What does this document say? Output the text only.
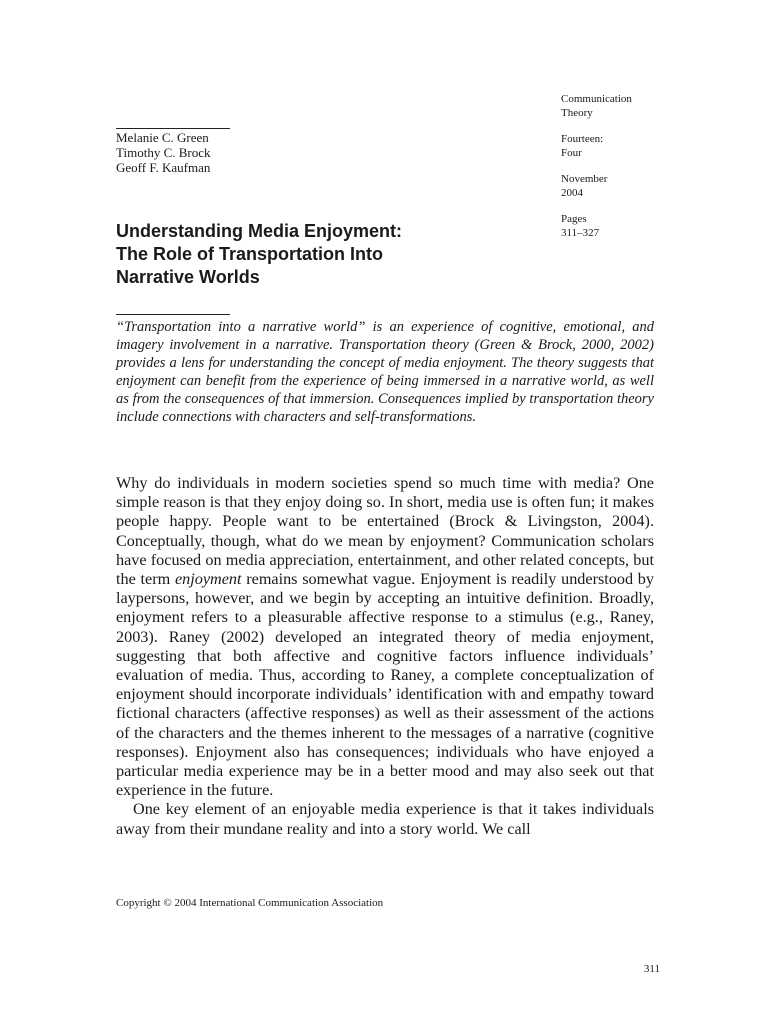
Communication
Theory
Fourteen:
Four
November
2004
Pages
311–327
Melanie C. Green
Timothy C. Brock
Geoff F. Kaufman
Understanding Media Enjoyment:
The Role of Transportation Into
Narrative Worlds
“Transportation into a narrative world” is an experience of cognitive, emotional, and imagery involvement in a narrative. Transportation theory (Green & Brock, 2000, 2002) provides a lens for understanding the concept of media enjoyment. The theory suggests that enjoyment can benefit from the experience of being immersed in a narrative world, as well as from the consequences of that immersion. Consequences implied by transportation theory include connections with characters and self-transformations.

Why do individuals in modern societies spend so much time with media? One simple reason is that they enjoy doing so. In short, media use is often fun; it makes people happy. People want to be entertained (Brock & Livingston, 2004). Conceptually, though, what do we mean by enjoyment? Communication scholars have focused on media appreciation, entertainment, and other related concepts, but the term enjoyment remains somewhat vague. Enjoyment is readily understood by laypersons, however, and we begin by accepting an intuitive definition. Broadly, enjoyment refers to a pleasurable affective response to a stimulus (e.g., Raney, 2003). Raney (2002) developed an integrated theory of media enjoyment, suggesting that both affective and cognitive factors influence individuals’ evaluation of media. Thus, according to Raney, a complete conceptualization of enjoyment should incorporate individuals’ identification with and empathy toward fictional characters (affective responses) as well as their assessment of the actions of the characters and the themes inherent to the messages of a narrative (cognitive responses). Enjoyment also has consequences; individuals who have enjoyed a particular media experience may be in a better mood and may also seek out that experience in the future.

One key element of an enjoyable media experience is that it takes individuals away from their mundane reality and into a story world. We call

Copyright © 2004 International Communication Association
311
